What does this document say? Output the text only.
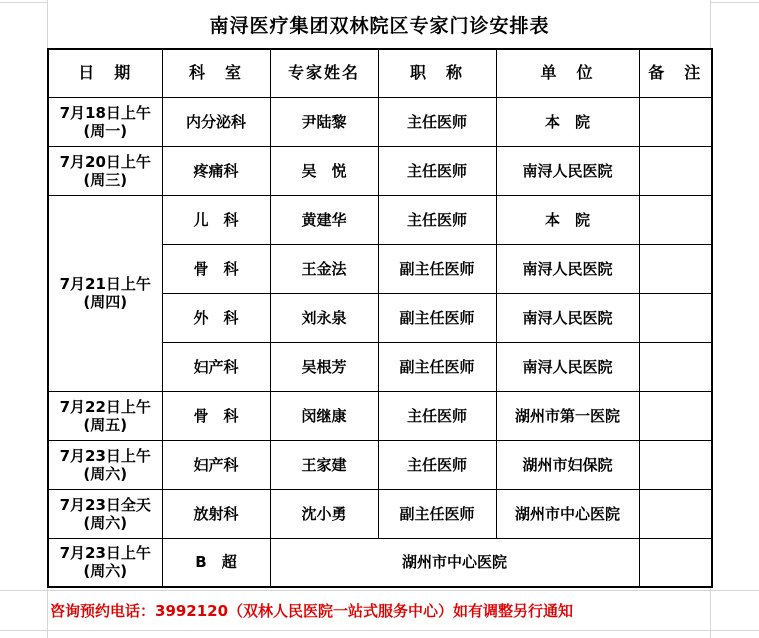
南浔医疗集团双林院区专家门诊安排表
日　期	科　室	专家姓名	职　称	单　位	备　注

7月18日上午
(周一)	内分泌科	尹陆黎	主任医师	本　院	

7月20日上午
(周三)	疼痛科	吴　悦	主任医师	南浔人民医院	

7月21日上午
(周四)	儿　科	黄建华	主任医师	本　院	
	骨　科	王金法	副主任医师	南浔人民医院	
	外　科	刘永泉	副主任医师	南浔人民医院	
	妇产科	吴根芳	副主任医师	南浔人民医院	

7月22日上午
(周五)	骨　科	闵继康	主任医师	湖州市第一医院	

7月23日上午
(周六)	妇产科	王家建	主任医师	湖州市妇保院	

7月23日全天
(周六)	放射科	沈小勇	副主任医师	湖州市中心医院	

7月23日上午
(周六)	B　超	湖州市中心医院			
咨询预约电话：3992120（双林人民医院一站式服务中心）如有调整另行通知
